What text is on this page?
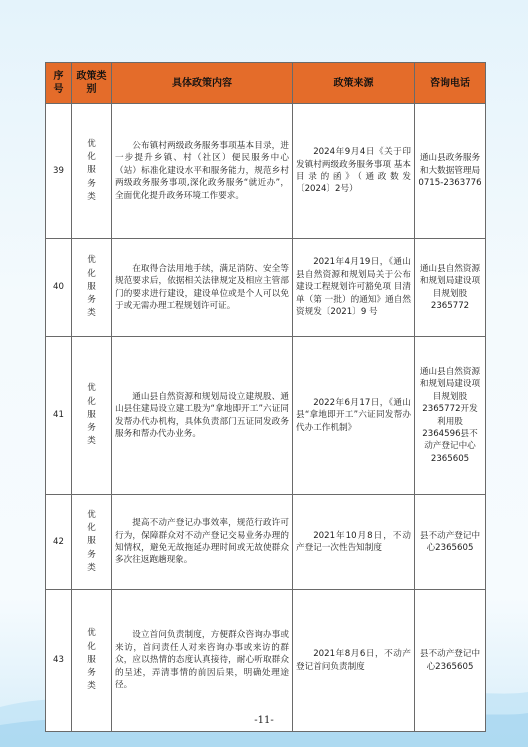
序号	政策类别	具体政策内容	政策来源	咨询电话
39	优化服务类	公布镇村两级政务服务事项基本目录，进一步提升乡镇、村（社区）便民服务中心（站）标准化建设水平和服务能力，规范乡村两级政务服务事项,深化政务服务“就近办”，全面优化提升政务环境工作要求。	2024年9月4日《关于印发镇村两级政务服务事项 基本目录的函》（通政数发〔2024〕2号）	通山县政务服务和大数据管理局0715-2363776
40	优化服务类	在取得合法用地手续，满足消防、安全等规范要求后，依据相关法律规定及相应主管部门的要求进行建设，建设单位或是个人可以免于或无需办理工程规划许可证。	2021年4月19日，《通山县自然资源和规划局关于公布建设工程规划许可豁免项 目清单（第 一批）的通知》通自然资规发〔2021〕9 号	通山县自然资源和规划局建设项目规划股2365772
41	优化服务类	通山县自然资源和规划局设立建规股、通山县住建局设立建工股为“拿地即开工”六证同发帮办代办机构，具体负责部门五证同发政务服务和帮办代办业务。	2022年6月17日，《通山县“拿地即开工”六证同发帮办代办工作机制》	通山县自然资源和规划局建设项目规划股2365772开发利用股2364596县不动产登记中心2365605
42	优化服务类	提高不动产登记办事效率，规范行政许可行为，保障群众对不动产登记交易业务办理的知情权，避免无故拖延办理时间或无故使群众多次往返跑趟现象。	2021年10月8日，不动产登记一次性告知制度	县不动产登记中心2365605
43	优化服务类	设立首问负责制度，方便群众咨询办事或来访，首问责任人对来咨询办事或来访的群众，应以热情的态度认真接待，耐心听取群众的呈述，弄清事情的前因后果，明确处理途径。	2021年8月6日，不动产登记首问负责制度	县不动产登记中心2365605
-11-
